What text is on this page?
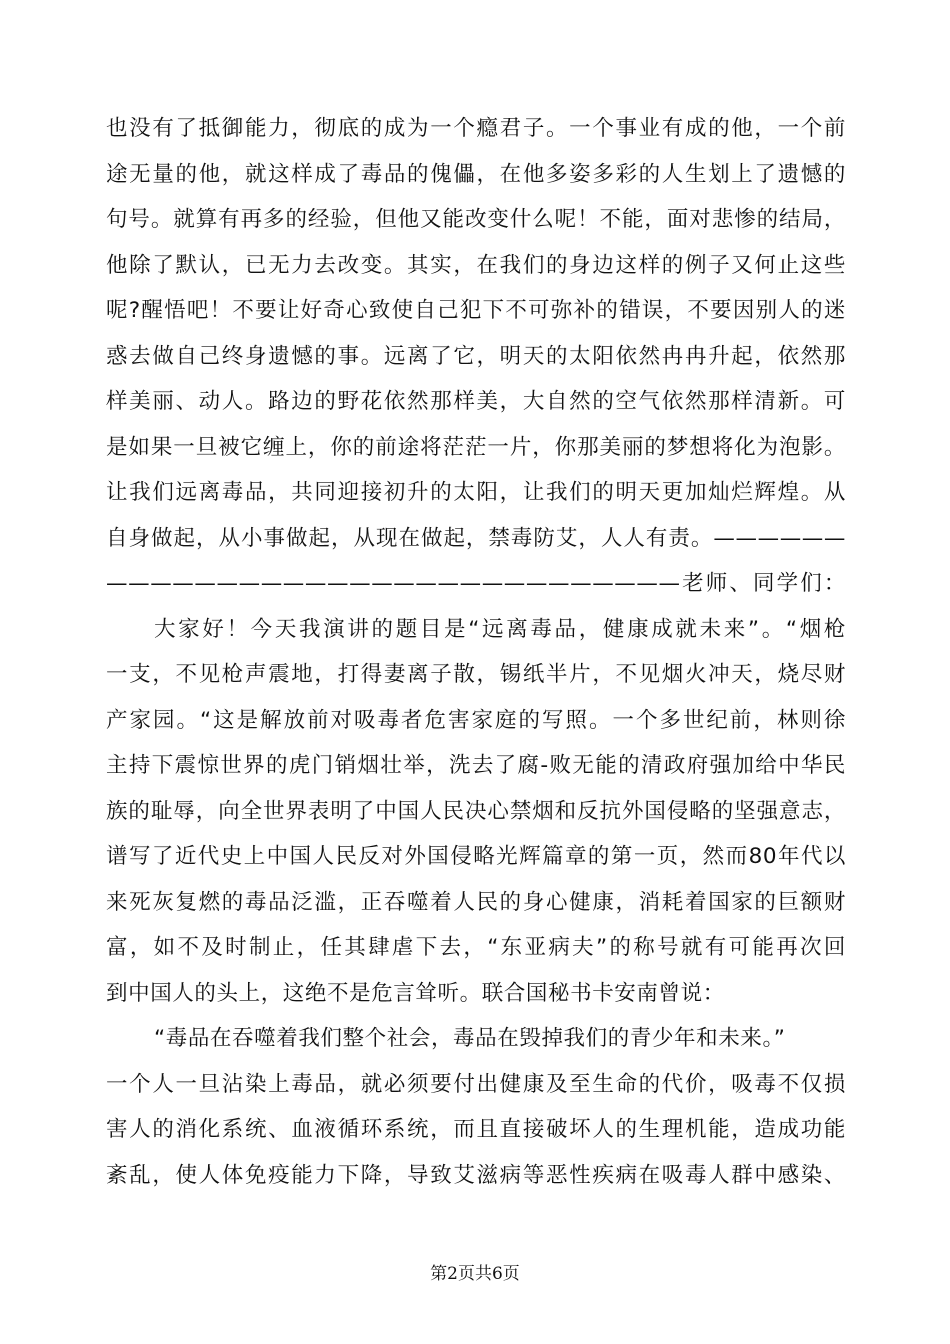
也没有了抵御能力，彻底的成为一个瘾君子。一个事业有成的他，一个前
途无量的他，就这样成了毒品的傀儡，在他多姿多彩的人生划上了遗憾的
句号。就算有再多的经验，但他又能改变什么呢！不能，面对悲惨的结局，
他除了默认，已无力去改变。其实，在我们的身边这样的例子又何止这些
呢?醒悟吧！不要让好奇心致使自己犯下不可弥补的错误，不要因别人的迷
惑去做自己终身遗憾的事。远离了它，明天的太阳依然冉冉升起，依然那
样美丽、动人。路边的野花依然那样美，大自然的空气依然那样清新。可
是如果一旦被它缠上，你的前途将茫茫一片，你那美丽的梦想将化为泡影。
让我们远离毒品，共同迎接初升的太阳，让我们的明天更加灿烂辉煌。从
自身做起，从小事做起，从现在做起，禁毒防艾，人人有责。——————
——————————————————————————老师、同学们：
大家好！今天我演讲的题目是“远离毒品，健康成就未来”。“烟枪
一支，不见枪声震地，打得妻离子散，锡纸半片，不见烟火冲天，烧尽财
产家园。“这是解放前对吸毒者危害家庭的写照。一个多世纪前，林则徐
主持下震惊世界的虎门销烟壮举，洗去了腐-败无能的清政府强加给中华民
族的耻辱，向全世界表明了中国人民决心禁烟和反抗外国侵略的坚强意志，
谱写了近代史上中国人民反对外国侵略光辉篇章的第一页，然而80年代以
来死灰复燃的毒品泛滥，正吞噬着人民的身心健康，消耗着国家的巨额财
富，如不及时制止，任其肆虐下去，“东亚病夫”的称号就有可能再次回
到中国人的头上，这绝不是危言耸听。联合国秘书卡安南曾说：
“毒品在吞噬着我们整个社会，毒品在毁掉我们的青少年和未来。”
一个人一旦沾染上毒品，就必须要付出健康及至生命的代价，吸毒不仅损
害人的消化系统、血液循环系统，而且直接破坏人的生理机能，造成功能
紊乱，使人体免疫能力下降，导致艾滋病等恶性疾病在吸毒人群中感染、
第2页共6页
